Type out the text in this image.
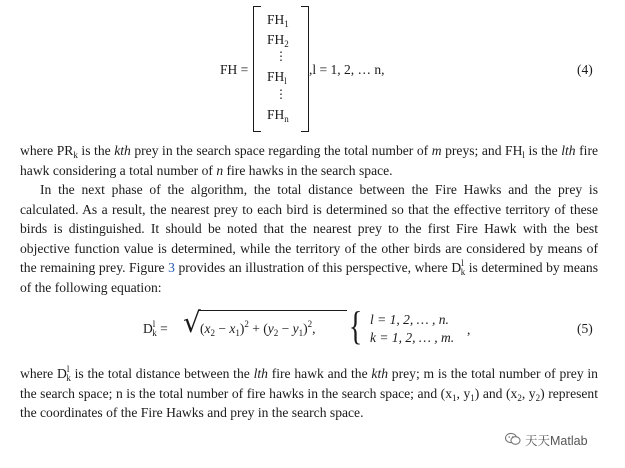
FH =
$FH_1$
$FH_2$
⋮
$FH_l$
⋮
$FH_n$
,l = 1, 2, … n,	(4)

where $PR_k$ is the kth prey in the search space regarding the total number of m preys; and $FH_l$ is the lth fire hawk considering a total number of n fire hawks in the search space.

In the next phase of the algorithm, the total distance between the Fire Hawks and the prey is calculated. As a result, the nearest prey to each bird is determined so that the effective territory of these birds is distinguished. It should be noted that the nearest prey to the first Fire Hawk with the best objective function value is determined, while the territory of the other birds are considered by means of the remaining prey. Figure 3 provides an illustration of this perspective, where $D^l_k$ is determined by means of the following equation:

$D^l_k$ = √ $(x_2 - x_1)^2 + (y_2 - y_1)^2$, { l = 1, 2, … , n.
k = 1, 2, … , m.
,	(5)

where $D^l_k$ is the total distance between the lth fire hawk and the kth prey; m is the total number of prey in the search space; n is the total number of fire hawks in the search space; and ($x_1$, $y_1$) and ($x_2$, $y_2$) represent the coordinates of the Fire Hawks and prey in the search space.

天天Matlab
